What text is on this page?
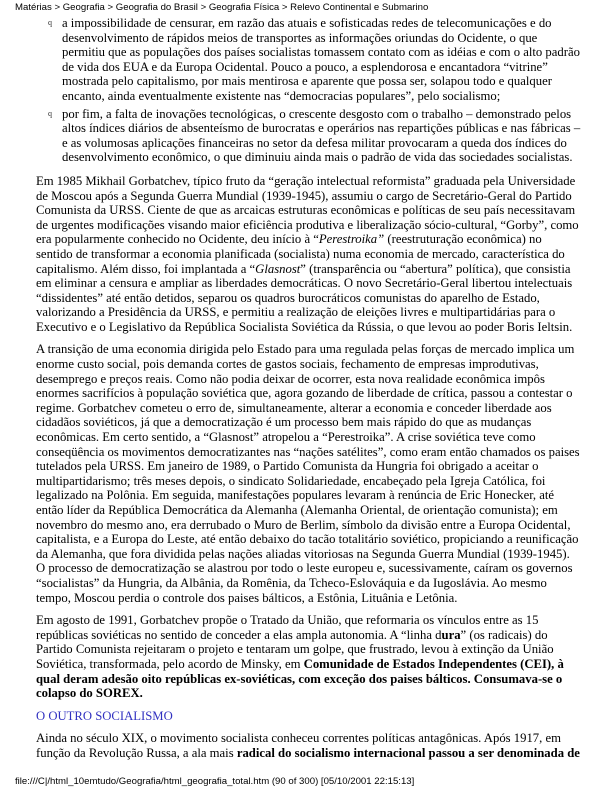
Matérias > Geografia > Geografia do Brasil > Geografia Física > Relevo Continental e Submarino
q a impossibilidade de censurar, em razão das atuais e sofisticadas redes de telecomunicações e do desenvolvimento de rápidos meios de transportes as informações oriundas do Ocidente, o que permitiu que as populações dos países socialistas tomassem contato com as idéias e com o alto padrão de vida dos EUA e da Europa Ocidental. Pouco a pouco, a esplendorosa e encantadora “vitrine” mostrada pelo capitalismo, por mais mentirosa e aparente que possa ser, solapou todo e qualquer encanto, ainda eventualmente existente nas “democracias populares”, pelo socialismo;
q por fim, a falta de inovações tecnológicas, o crescente desgosto com o trabalho – demonstrado pelos altos índices diários de absenteísmo de burocratas e operários nas repartições públicas e nas fábricas – e as volumosas aplicações financeiras no setor da defesa militar provocaram a queda dos índices do desenvolvimento econômico, o que diminuiu ainda mais o padrão de vida das sociedades socialistas.

Em 1985 Mikhail Gorbatchev, típico fruto da “geração intelectual reformista” graduada pela Universidade de Moscou após a Segunda Guerra Mundial (1939-1945), assumiu o cargo de Secretário-Geral do Partido Comunista da URSS. Ciente de que as arcaicas estruturas econômicas e políticas de seu país necessitavam de urgentes modificações visando maior eficiência produtiva e liberalização sócio-cultural, “Gorby”, como era popularmente conhecido no Ocidente, deu início à “Perestroika” (reestruturação econômica) no sentido de transformar a economia planificada (socialista) numa economia de mercado, característica do capitalismo. Além disso, foi implantada a “Glasnost” (transparência ou “abertura” política), que consistia em eliminar a censura e ampliar as liberdades democráticas. O novo Secretário-Geral libertou intelectuais “dissidentes” até então detidos, separou os quadros burocráticos comunistas do aparelho de Estado, valorizando a Presidência da URSS, e permitiu a realização de eleições livres e multipartidárias para o Executivo e o Legislativo da República Socialista Soviética da Rússia, o que levou ao poder Boris Ieltsin.

A transição de uma economia dirigida pelo Estado para uma regulada pelas forças de mercado implica um enorme custo social, pois demanda cortes de gastos sociais, fechamento de empresas improdutivas, desemprego e preços reais. Como não podia deixar de ocorrer, esta nova realidade econômica impôs enormes sacrifícios à população soviética que, agora gozando de liberdade de crítica, passou a contestar o regime. Gorbatchev cometeu o erro de, simultaneamente, alterar a economia e conceder liberdade aos cidadãos soviéticos, já que a democratização é um processo bem mais rápido do que as mudanças econômicas. Em certo sentido, a “Glasnost” atropelou a “Perestroika”. A crise soviética teve como conseqüência os movimentos democratizantes nas “nações satélites”, como eram então chamados os paises tutelados pela URSS. Em janeiro de 1989, o Partido Comunista da Hungria foi obrigado a aceitar o multipartidarismo; três meses depois, o sindicato Solidariedade, encabeçado pela Igreja Católica, foi legalizado na Polônia. Em seguida, manifestações populares levaram à renúncia de Eric Honecker, até então líder da República Democrática da Alemanha (Alemanha Oriental, de orientação comunista); em novembro do mesmo ano, era derrubado o Muro de Berlim, símbolo da divisão entre a Europa Ocidental, capitalista, e a Europa do Leste, até então debaixo do tacão totalitário soviético, propiciando a reunificação da Alemanha, que fora dividida pelas nações aliadas vitoriosas na Segunda Guerra Mundial (1939-1945). O processo de democratização se alastrou por todo o leste europeu e, sucessivamente, caíram os governos “socialistas” da Hungria, da Albânia, da Romênia, da Tcheco-Eslováquia e da Iugoslávia. Ao mesmo tempo, Moscou perdia o controle dos paises bálticos, a Estônia, Lituânia e Letônia.

Em agosto de 1991, Gorbatchev propõe o Tratado da União, que reformaria os vínculos entre as 15 repúblicas soviéticas no sentido de conceder a elas ampla autonomia. A “linha dura” (os radicais) do Partido Comunista rejeitaram o projeto e tentaram um golpe, que frustrado, levou à extinção da União Soviética, transformada, pelo acordo de Minsky, em Comunidade de Estados Independentes (CEI), à qual deram adesão oito repúblicas ex-soviéticas, com exceção dos paises bálticos. Consumava-se o colapso do SOREX.

O OUTRO SOCIALISMO

Ainda no século XIX, o movimento socialista conheceu correntes políticas antagônicas. Após 1917, em função da Revolução Russa, a ala mais radical do socialismo internacional passou a ser denominada de

file:///C|/html_10emtudo/Geografia/html_geografia_total.htm (90 of 300) [05/10/2001 22:15:13]
